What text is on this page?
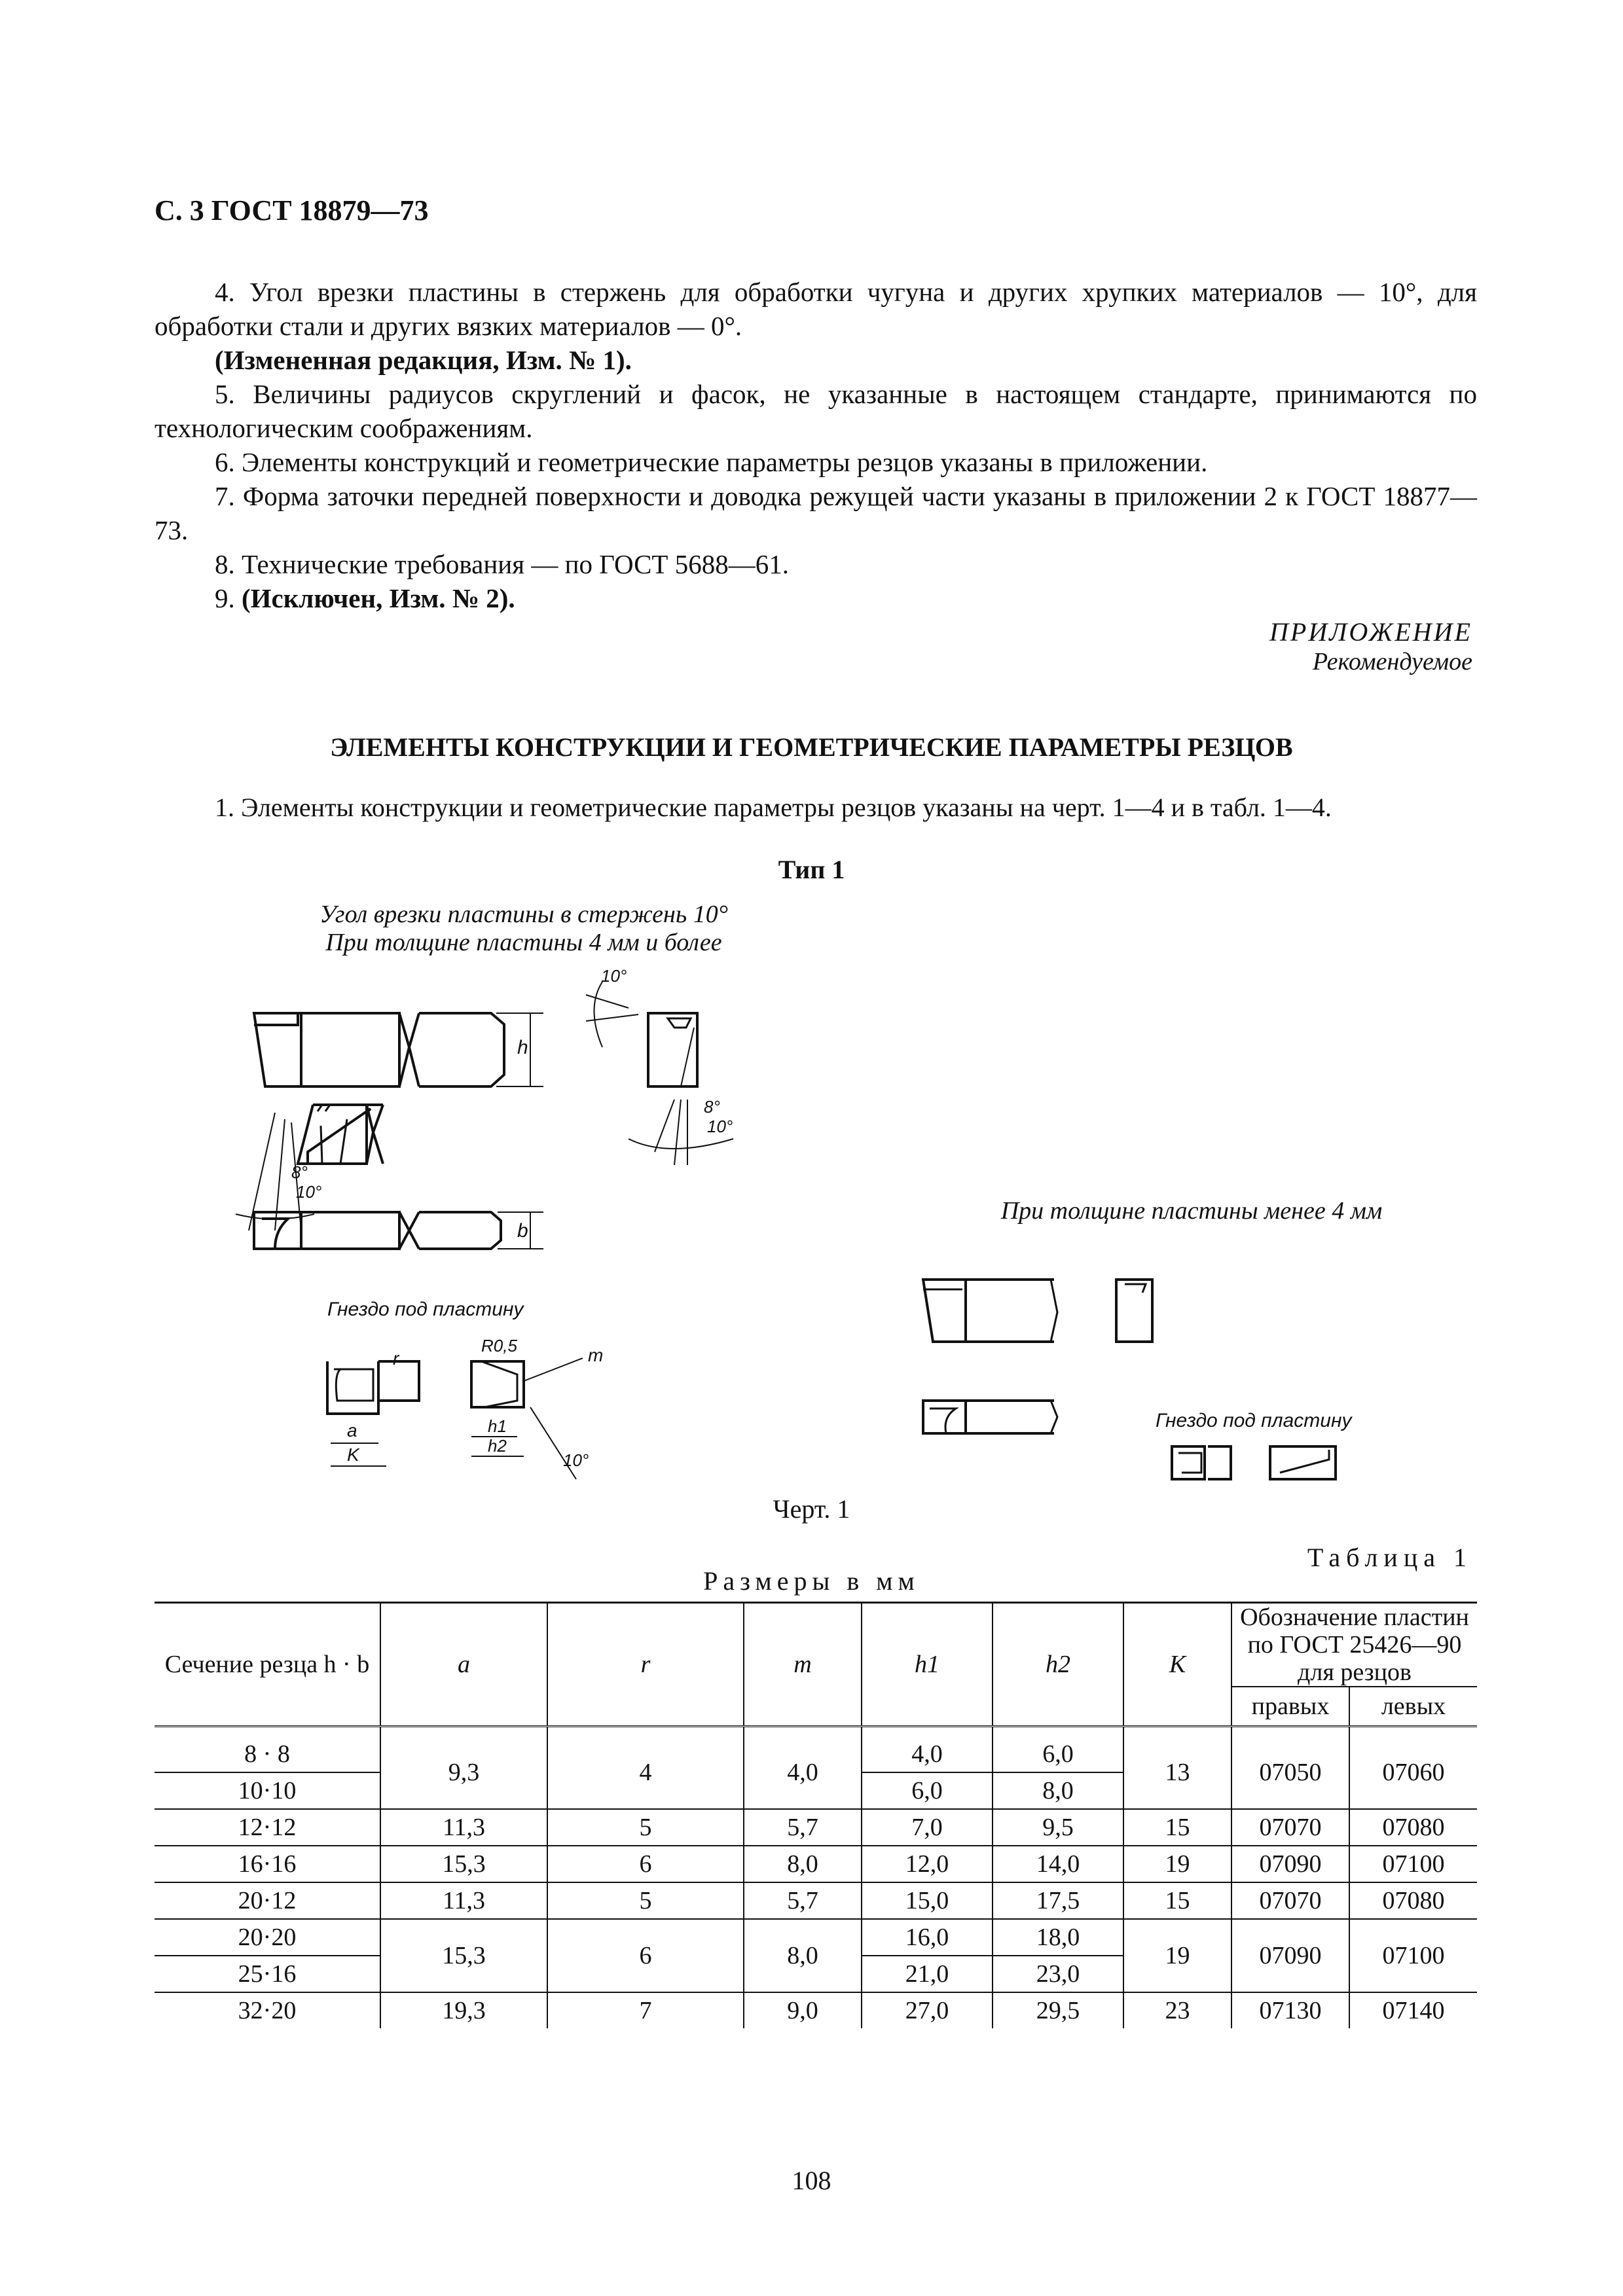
С. 3 ГОСТ 18879—73

4. Угол врезки пластины в стержень для обработки чугуна и других хрупких материалов — 10°, для обработки стали и других вязких материалов — 0°.

(Измененная редакция, Изм. № 1).

5. Величины радиусов скруглений и фасок, не указанные в настоящем стандарте, принимаются по технологическим соображениям.

6. Элементы конструкций и геометрические параметры резцов указаны в приложении.

7. Форма заточки передней поверхности и доводка режущей части указаны в приложении 2 к ГОСТ 18877—73.

8. Технические требования — по ГОСТ 5688—61.

9. (Исключен, Изм. № 2).

ПРИЛОЖЕНИЕ
Рекомендуемое
ЭЛЕМЕНТЫ КОНСТРУКЦИИ И ГЕОМЕТРИЧЕСКИЕ ПАРАМЕТРЫ РЕЗЦОВ
1. Элементы конструкции и геометрические параметры резцов указаны на черт. 1—4 и в табл. 1—4.
Тип 1
Угол врезки пластины в стержень 10°
При толщине пластины 4 мм и более
При толщине пластины менее 4 мм
h
8°
10°
b
10°
8°
10°
Гнездо под пластину
a
K
r
R0,5	m
h1
h2
10°
Гнездо под пластину
Черт. 1
Таблица 1
Размеры в мм
Сечение резца h · b	a	r	m	h1	h2	K	Обозначение пластин по ГОСТ 25426—90 для резцов	
							правых	левых

8 · 8	9,3	4	4,0	4,0	6,0	13	07050	07060
10·10				6,0	8,0			
12·12	11,3	5	5,7	7,0	9,5	15	07070	07080
16·16	15,3	6	8,0	12,0	14,0	19	07090	07100
20·12	11,3	5	5,7	15,0	17,5	15	07070	07080
20·20	15,3	6	8,0	16,0	18,0	19	07090	07100
25·16				21,0	23,0			
32·20	19,3	7	9,0	27,0	29,5	23	07130	07140
108
